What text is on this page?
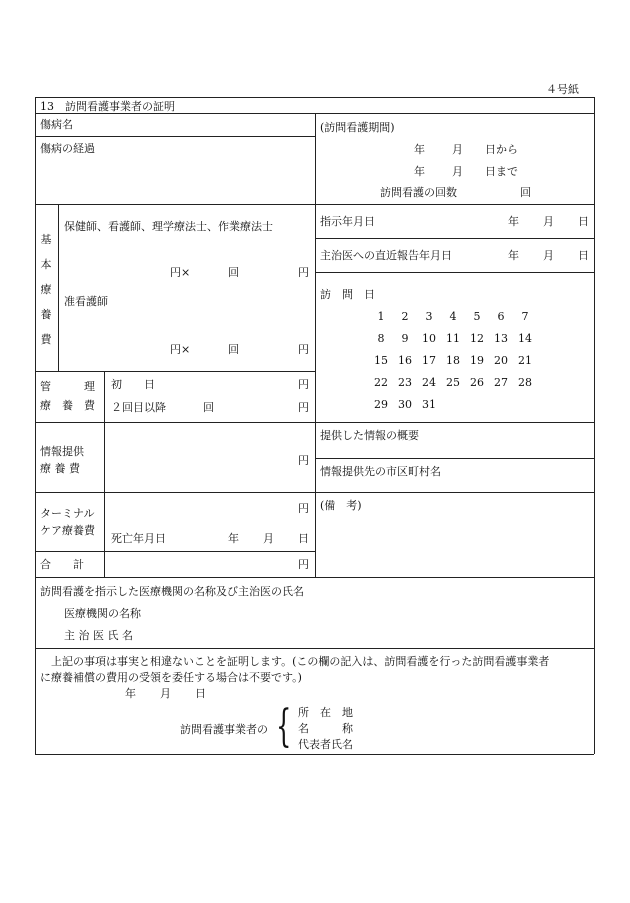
４号紙
13　訪問看護事業者の証明
傷病名
傷病の経過
(訪問看護期間)
年 月 日から
年 月 日まで
訪問看護の回数	回
基
本
療
養
費
保健師、看護師、理学療法士、作業療法士
円×	回	円
准看護師
円×	回	円
指示年月日	年 月 日
主治医への直近報告年月日	年 月 日
訪　問　日
1	2	3	4	5	6	7
8	9	10 11 12 13 14
15 16 17 18 19 20 21
22 23 24 25 26 27 28
29 30 31
管　　　理
療　養　費
初　　日	円
２回目以降	回	円
情報提供
療 養 費
円
提供した情報の概要
情報提供先の市区町村名
ターミナル
ケア療養費
円
死亡年月日	年 月 日
(備　考)
合　　計	円
訪問看護を指示した医療機関の名称及び主治医の氏名
医療機関の名称
主 治 医 氏 名
　上記の事項は事実と相違ないことを証明します。(この欄の記入は、訪問看護を行った訪問看護事業者
に療養補償の費用の受領を委任する場合は不要です。)
年 月 日
訪問看護事業者の { 所　在　地
名　　　称
代表者氏名
